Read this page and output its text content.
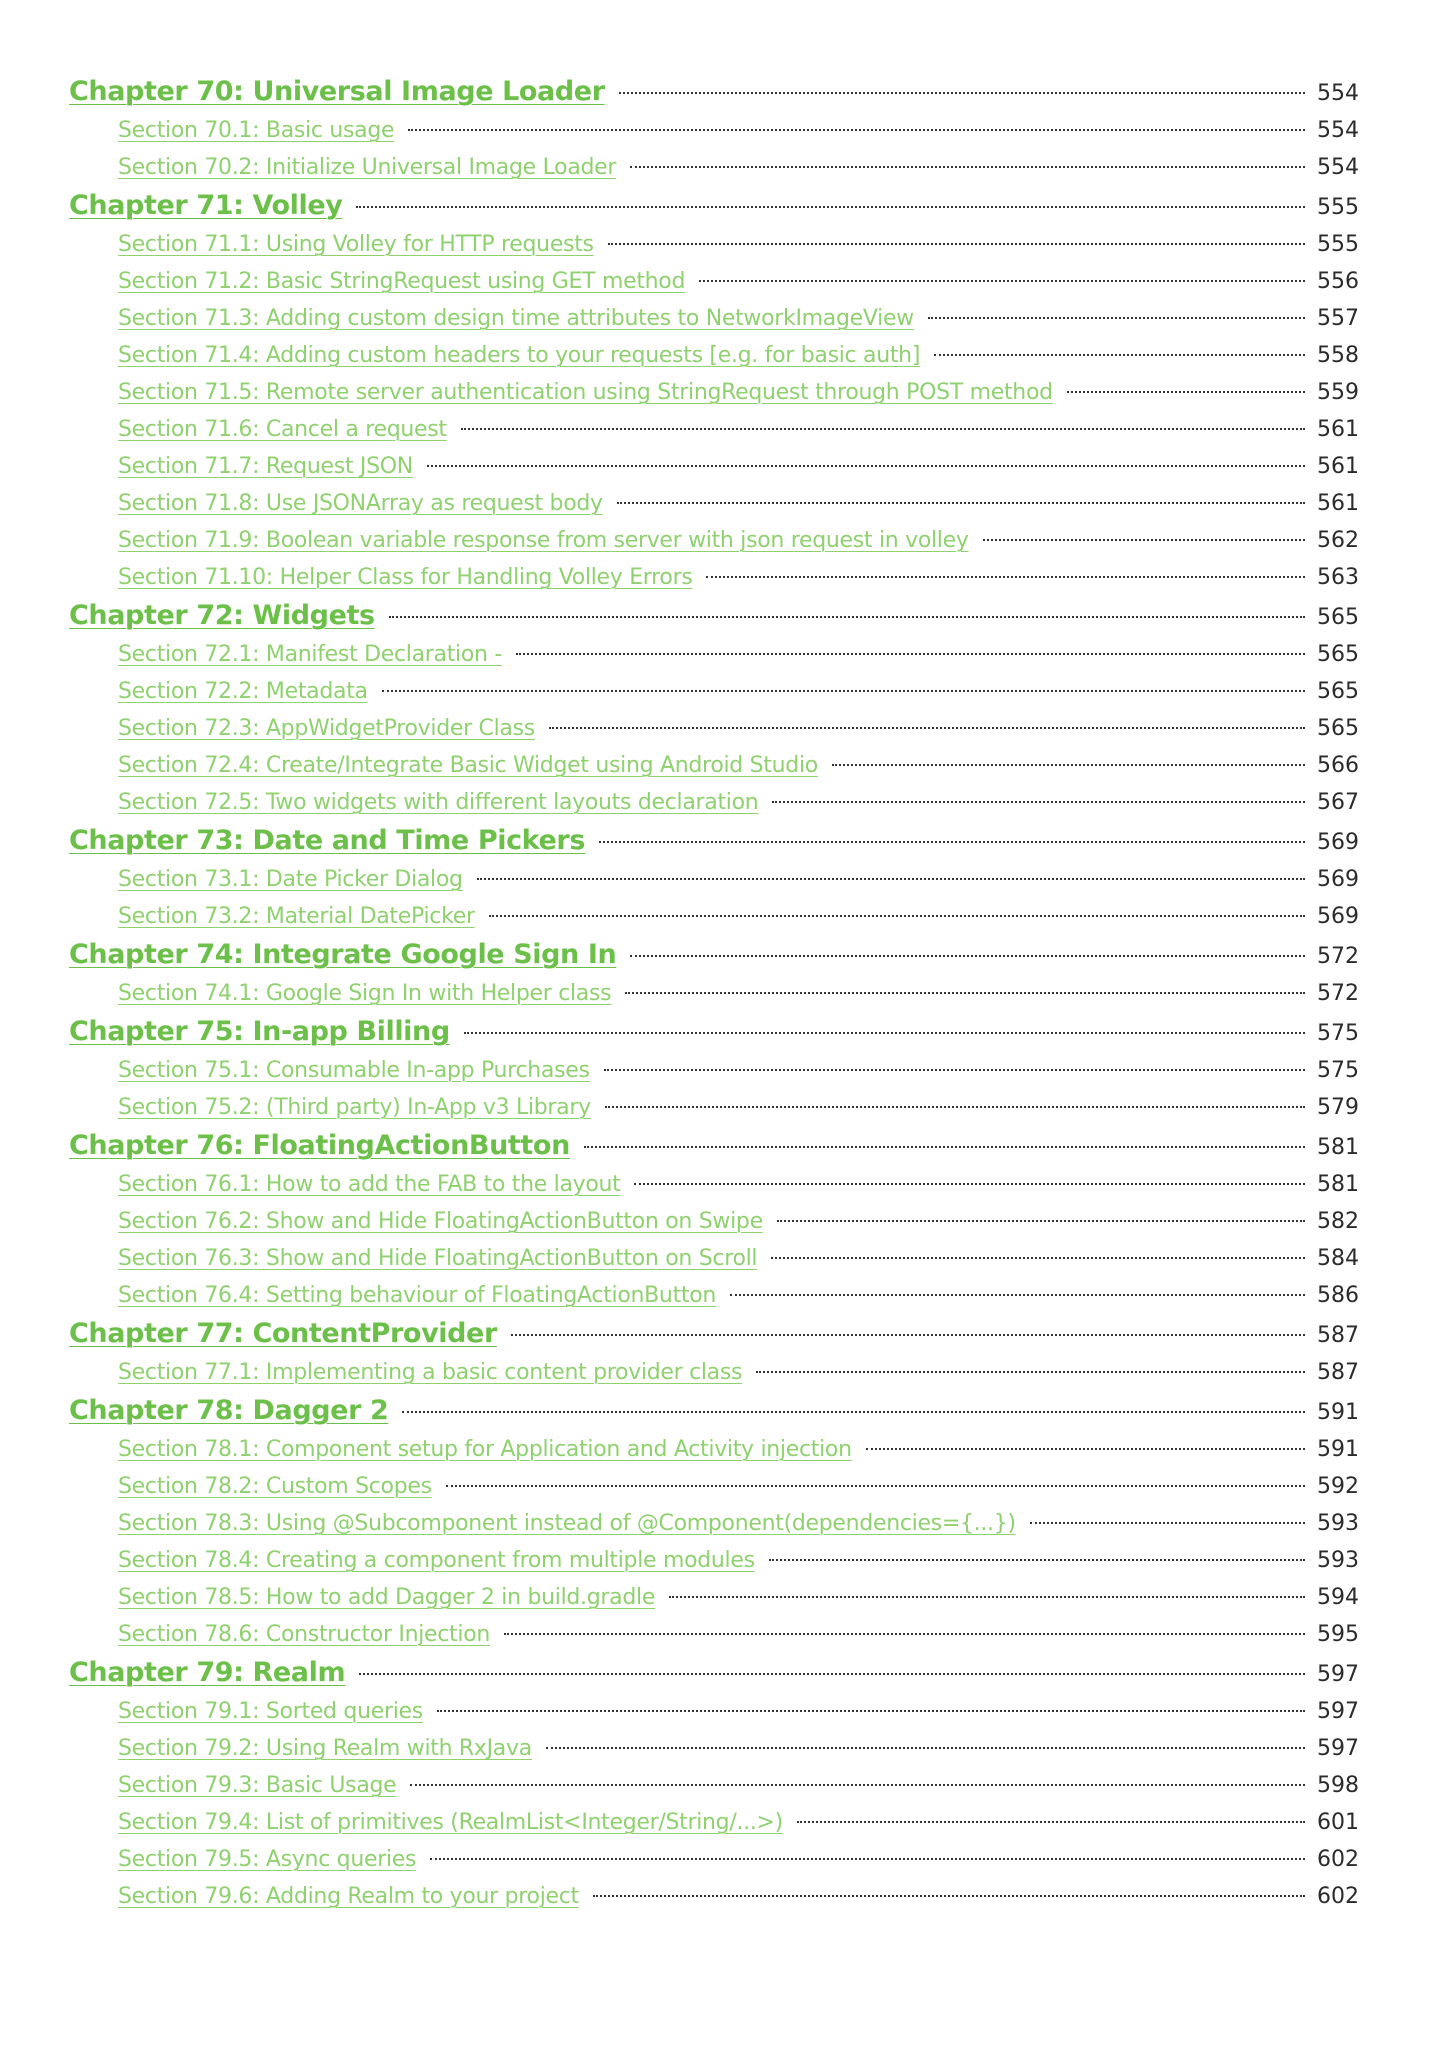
Chapter 70: Universal Image Loader	554
Section 70.1: Basic usage	554
Section 70.2: Initialize Universal Image Loader	554
Chapter 71: Volley	555
Section 71.1: Using Volley for HTTP requests	555
Section 71.2: Basic StringRequest using GET method	556
Section 71.3: Adding custom design time attributes to NetworkImageView	557
Section 71.4: Adding custom headers to your requests [e.g. for basic auth]	558
Section 71.5: Remote server authentication using StringRequest through POST method	559
Section 71.6: Cancel a request	561
Section 71.7: Request JSON	561
Section 71.8: Use JSONArray as request body	561
Section 71.9: Boolean variable response from server with json request in volley	562
Section 71.10: Helper Class for Handling Volley Errors	563
Chapter 72: Widgets	565
Section 72.1: Manifest Declaration -	565
Section 72.2: Metadata	565
Section 72.3: AppWidgetProvider Class	565
Section 72.4: Create/Integrate Basic Widget using Android Studio	566
Section 72.5: Two widgets with different layouts declaration	567
Chapter 73: Date and Time Pickers	569
Section 73.1: Date Picker Dialog	569
Section 73.2: Material DatePicker	569
Chapter 74: Integrate Google Sign In	572
Section 74.1: Google Sign In with Helper class	572
Chapter 75: In-app Billing	575
Section 75.1: Consumable In-app Purchases	575
Section 75.2: (Third party) In-App v3 Library	579
Chapter 76: FloatingActionButton	581
Section 76.1: How to add the FAB to the layout	581
Section 76.2: Show and Hide FloatingActionButton on Swipe	582
Section 76.3: Show and Hide FloatingActionButton on Scroll	584
Section 76.4: Setting behaviour of FloatingActionButton	586
Chapter 77: ContentProvider	587
Section 77.1: Implementing a basic content provider class	587
Chapter 78: Dagger 2	591
Section 78.1: Component setup for Application and Activity injection	591
Section 78.2: Custom Scopes	592
Section 78.3: Using @Subcomponent instead of @Component(dependencies={...})	593
Section 78.4: Creating a component from multiple modules	593
Section 78.5: How to add Dagger 2 in build.gradle	594
Section 78.6: Constructor Injection	595
Chapter 79: Realm	597
Section 79.1: Sorted queries	597
Section 79.2: Using Realm with RxJava	597
Section 79.3: Basic Usage	598
Section 79.4: List of primitives (RealmList<Integer/String/...>)	601
Section 79.5: Async queries	602
Section 79.6: Adding Realm to your project	602
